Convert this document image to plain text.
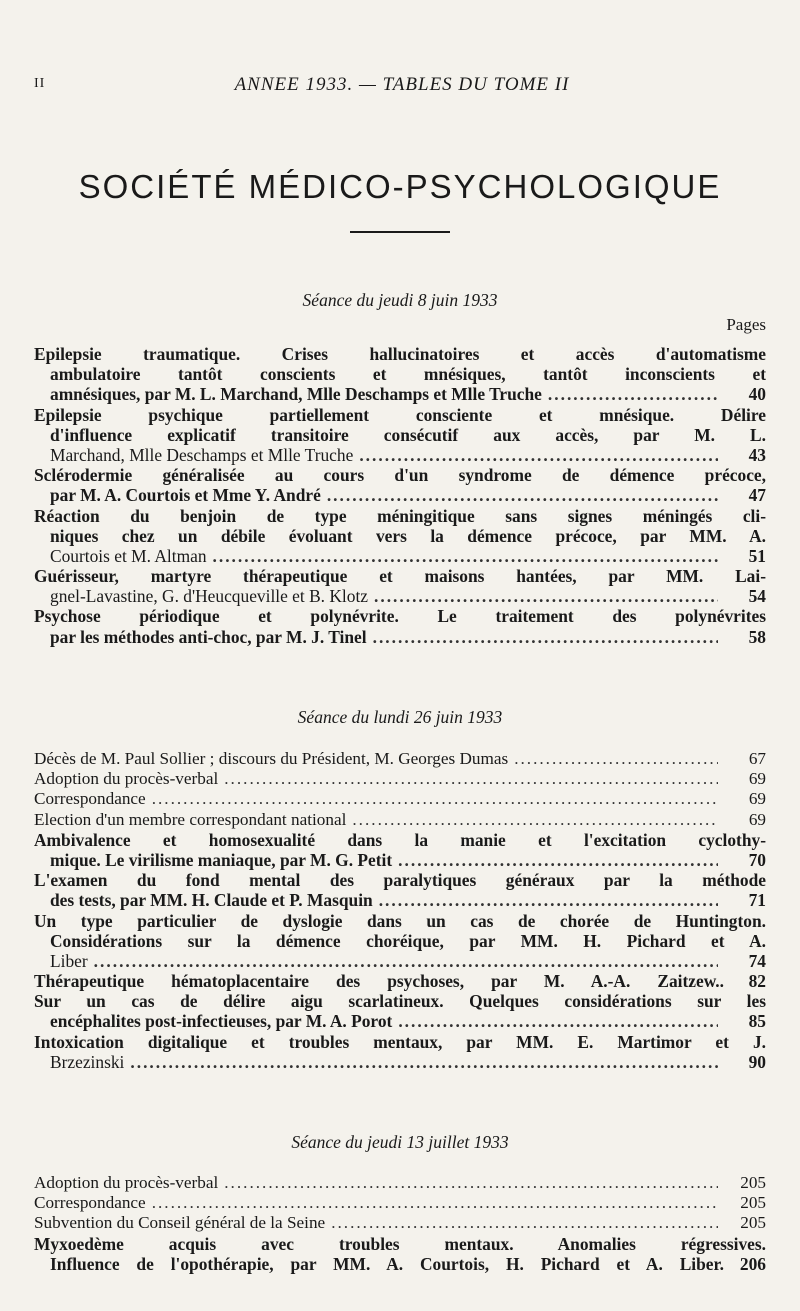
II	ANNEE 1933. — TABLES DU TOME II
SOCIÉTÉ MÉDICO-PSYCHOLOGIQUE
Séance du jeudi 8 juin 1933
Pages
Epilepsie traumatique. Crises hallucinatoires et accès d'automatisme
ambulatoire tantôt conscients et mnésiques, tantôt inconscients et
amnésiques, par M. L. Marchand, Mlle Deschamps et Mlle Truche .....	40
Epilepsie psychique partiellement consciente et mnésique. Délire
d'influence explicatif transitoire consécutif aux accès, par M. L.
Marchand, Mlle Deschamps et Mlle Truche .....	43
Sclérodermie généralisée au cours d'un syndrome de démence précoce,
par M. A. Courtois et Mme Y. André .....	47
Réaction du benjoin de type méningitique sans signes méningés cli-
niques chez un débile évoluant vers la démence précoce, par MM. A.
Courtois et M. Altman .....	51
Guérisseur, martyre thérapeutique et maisons hantées, par MM. Lai-
gnel-Lavastine, G. d'Heucqueville et B. Klotz .....	54
Psychose périodique et polynévrite. Le traitement des polynévrites
par les méthodes anti-choc, par M. J. Tinel .....	58
Séance du lundi 26 juin 1933
Décès de M. Paul Sollier ; discours du Président, M. Georges Dumas .....	67
Adoption du procès-verbal .....	69
Correspondance .....	69
Election d'un membre correspondant national .....	69
Ambivalence et homosexualité dans la manie et l'excitation cyclothy-
mique. Le virilisme maniaque, par M. G. Petit .....	70
L'examen du fond mental des paralytiques généraux par la méthode
des tests, par MM. H. Claude et P. Masquin .....	71
Un type particulier de dyslogie dans un cas de chorée de Huntington.
Considérations sur la démence choréique, par MM. H. Pichard et A.
Liber .....	74
Thérapeutique hématoplacentaire des psychoses, par M. A.-A. Zaitzew..	82
Sur un cas de délire aigu scarlatineux. Quelques considérations sur les
encéphalites post-infectieuses, par M. A. Porot .....	85
Intoxication digitalique et troubles mentaux, par MM. E. Martimor et J.
Brzezinski .....	90
Séance du jeudi 13 juillet 1933
Adoption du procès-verbal .....	205
Correspondance .....	205
Subvention du Conseil général de la Seine .....	205
Myxoedème acquis avec troubles mentaux. Anomalies régressives.
Influence de l'opothérapie, par MM. A. Courtois, H. Pichard et A. Liber. 206
